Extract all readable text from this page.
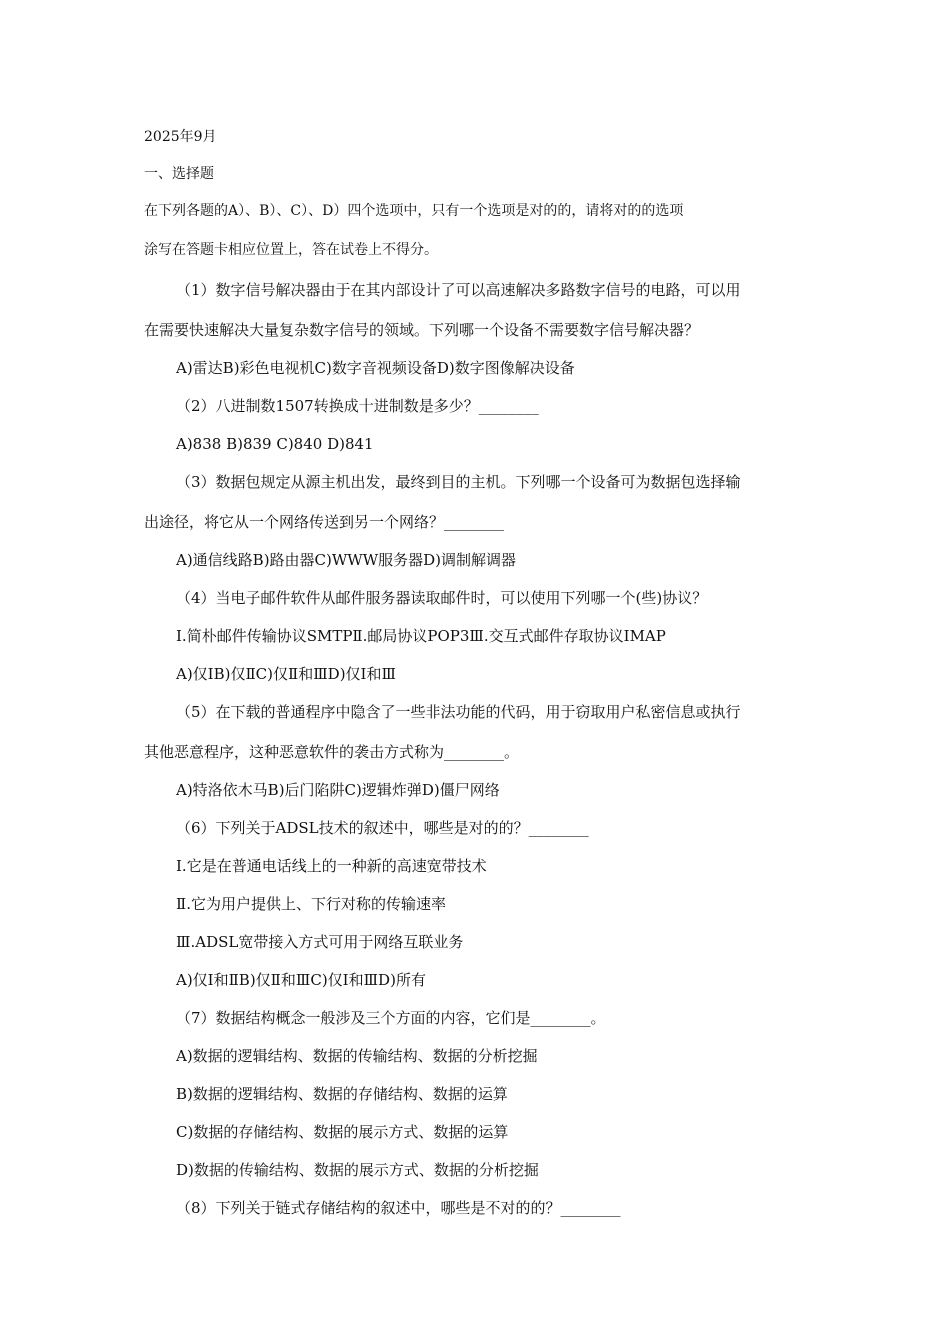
2025年9月
一、选择题
在下列各题的A）、B）、C）、D）四个选项中，只有一个选项是对的的，请将对的的选项
涂写在答题卡相应位置上，答在试卷上不得分。
（1）数字信号解决器由于在其内部设计了可以高速解决多路数字信号的电路，可以用
在需要快速解决大量复杂数字信号的领域。下列哪一个设备不需要数字信号解决器？
A)雷达B)彩色电视机C)数字音视频设备D)数字图像解决设备
（2）八进制数1507转换成十进制数是多少？________
A)838 B)839 C)840 D)841
（3）数据包规定从源主机出发，最终到目的主机。下列哪一个设备可为数据包选择输
出途径，将它从一个网络传送到另一个网络？________
A)通信线路B)路由器C)WWW服务器D)调制解调器
（4）当电子邮件软件从邮件服务器读取邮件时，可以使用下列哪一个(些)协议？
Ⅰ.简朴邮件传输协议SMTPⅡ.邮局协议POP3Ⅲ.交互式邮件存取协议IMAP
A)仅ⅠB)仅ⅡC)仅Ⅱ和ⅢD)仅Ⅰ和Ⅲ
（5）在下载的普通程序中隐含了一些非法功能的代码，用于窃取用户私密信息或执行
其他恶意程序，这种恶意软件的袭击方式称为________。
A)特洛依木马B)后门陷阱C)逻辑炸弹D)僵尸网络
（6）下列关于ADSL技术的叙述中，哪些是对的的？________
Ⅰ.它是在普通电话线上的一种新的高速宽带技术
Ⅱ.它为用户提供上、下行对称的传输速率
Ⅲ.ADSL宽带接入方式可用于网络互联业务
A)仅Ⅰ和ⅡB)仅Ⅱ和ⅢC)仅Ⅰ和ⅢD)所有
（7）数据结构概念一般涉及三个方面的内容，它们是________。
A)数据的逻辑结构、数据的传输结构、数据的分析挖掘
B)数据的逻辑结构、数据的存储结构、数据的运算
C)数据的存储结构、数据的展示方式、数据的运算
D)数据的传输结构、数据的展示方式、数据的分析挖掘
（8）下列关于链式存储结构的叙述中，哪些是不对的的？________
